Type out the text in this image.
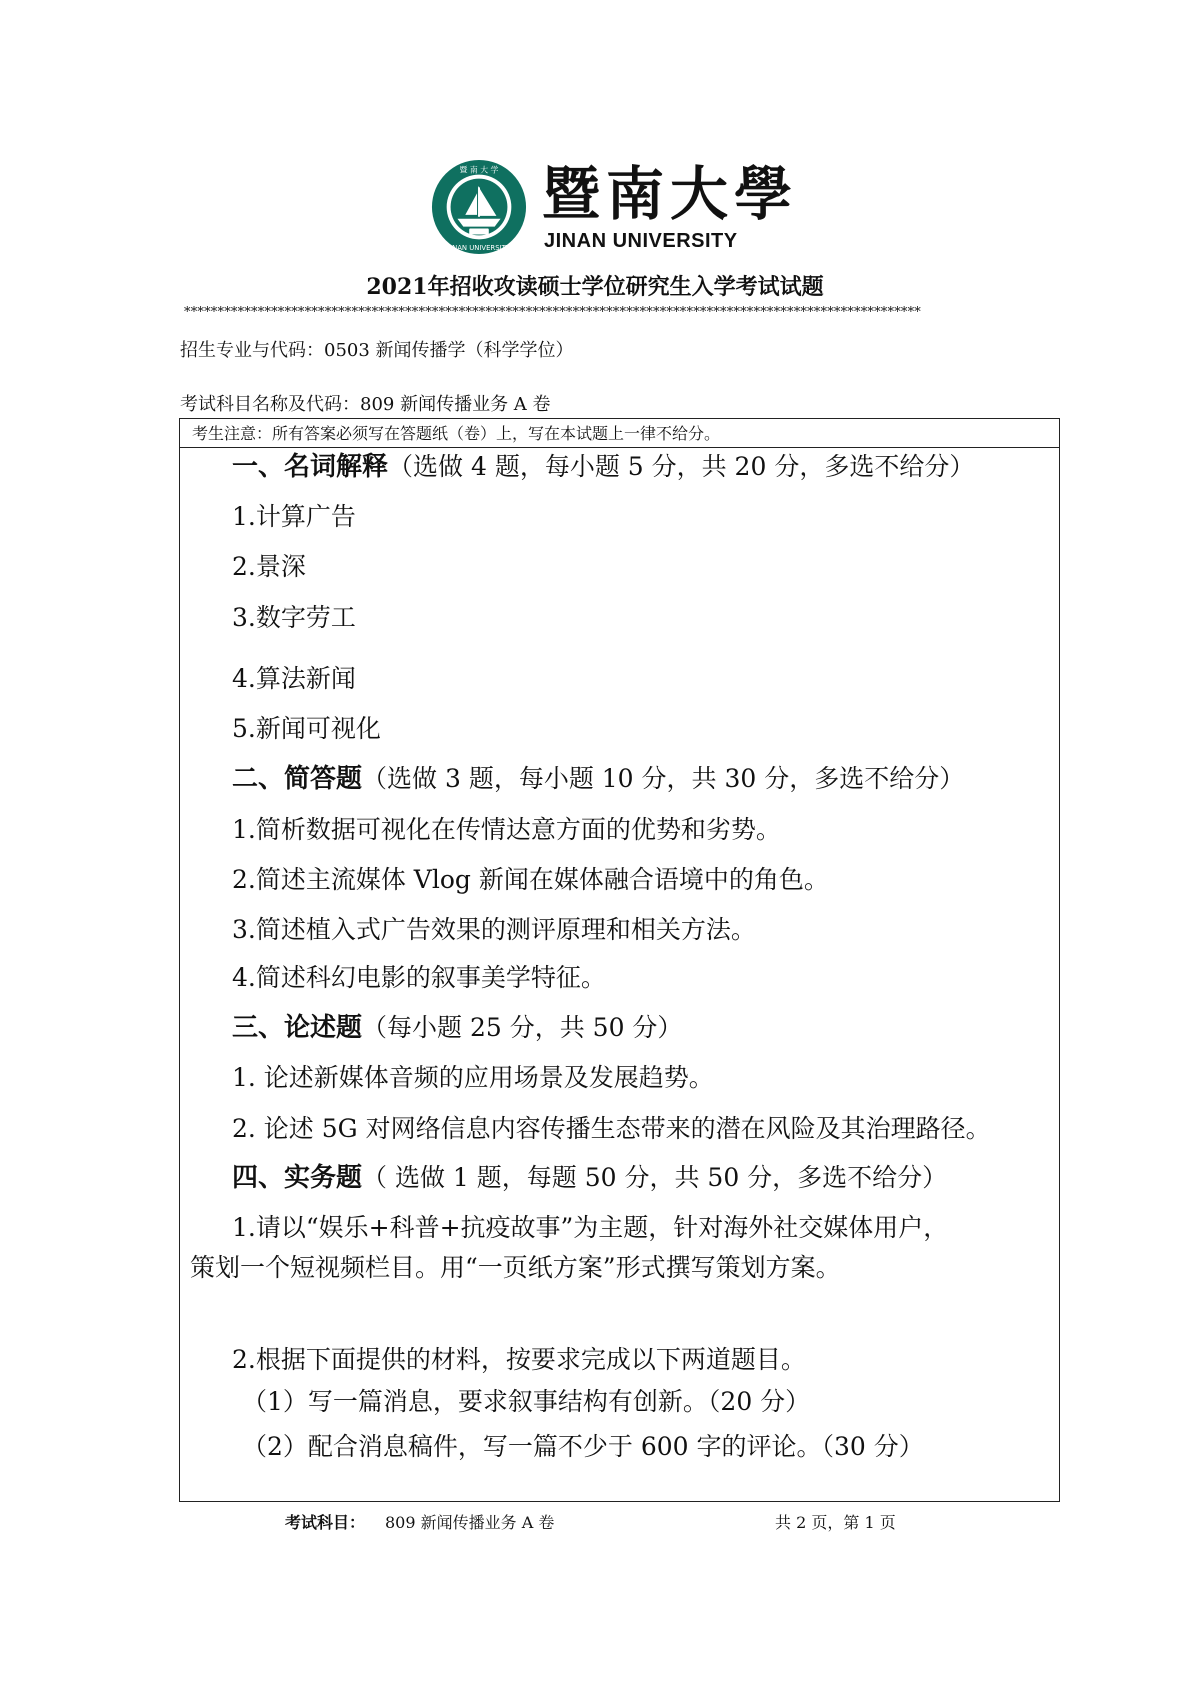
暨 南 大 学
JINAN UNIVERSITY
暨南大學
JINAN UNIVERSITY
2021年招收攻读硕士学位研究生入学考试试题
**************************************************************************************************************
招生专业与代码：0503 新闻传播学（科学学位）
考试科目名称及代码：809 新闻传播业务 A 卷
考生注意：所有答案必须写在答题纸（卷）上，写在本试题上一律不给分。
一、名词解释（选做 4 题，每小题 5 分，共 20 分，多选不给分）
1.计算广告
2.景深
3.数字劳工
4.算法新闻
5.新闻可视化
二、简答题（选做 3 题，每小题 10 分，共 30 分，多选不给分）
1.简析数据可视化在传情达意方面的优势和劣势。
2.简述主流媒体 Vlog 新闻在媒体融合语境中的角色。
3.简述植入式广告效果的测评原理和相关方法。
4.简述科幻电影的叙事美学特征。
三、论述题（每小题 25 分，共 50 分）
1. 论述新媒体音频的应用场景及发展趋势。
2. 论述 5G 对网络信息内容传播生态带来的潜在风险及其治理路径。
四、实务题（ 选做 1 题，每题 50 分，共 50 分，多选不给分）
1.请以“娱乐+科普+抗疫故事”为主题，针对海外社交媒体用户，
策划一个短视频栏目。用“一页纸方案”形式撰写策划方案。
2.根据下面提供的材料，按要求完成以下两道题目。
（1）写一篇消息，要求叙事结构有创新。（20 分）
（2）配合消息稿件，写一篇不少于 600 字的评论。（30 分）
考试科目： 809 新闻传播业务 A 卷	共 2 页，第 1 页
